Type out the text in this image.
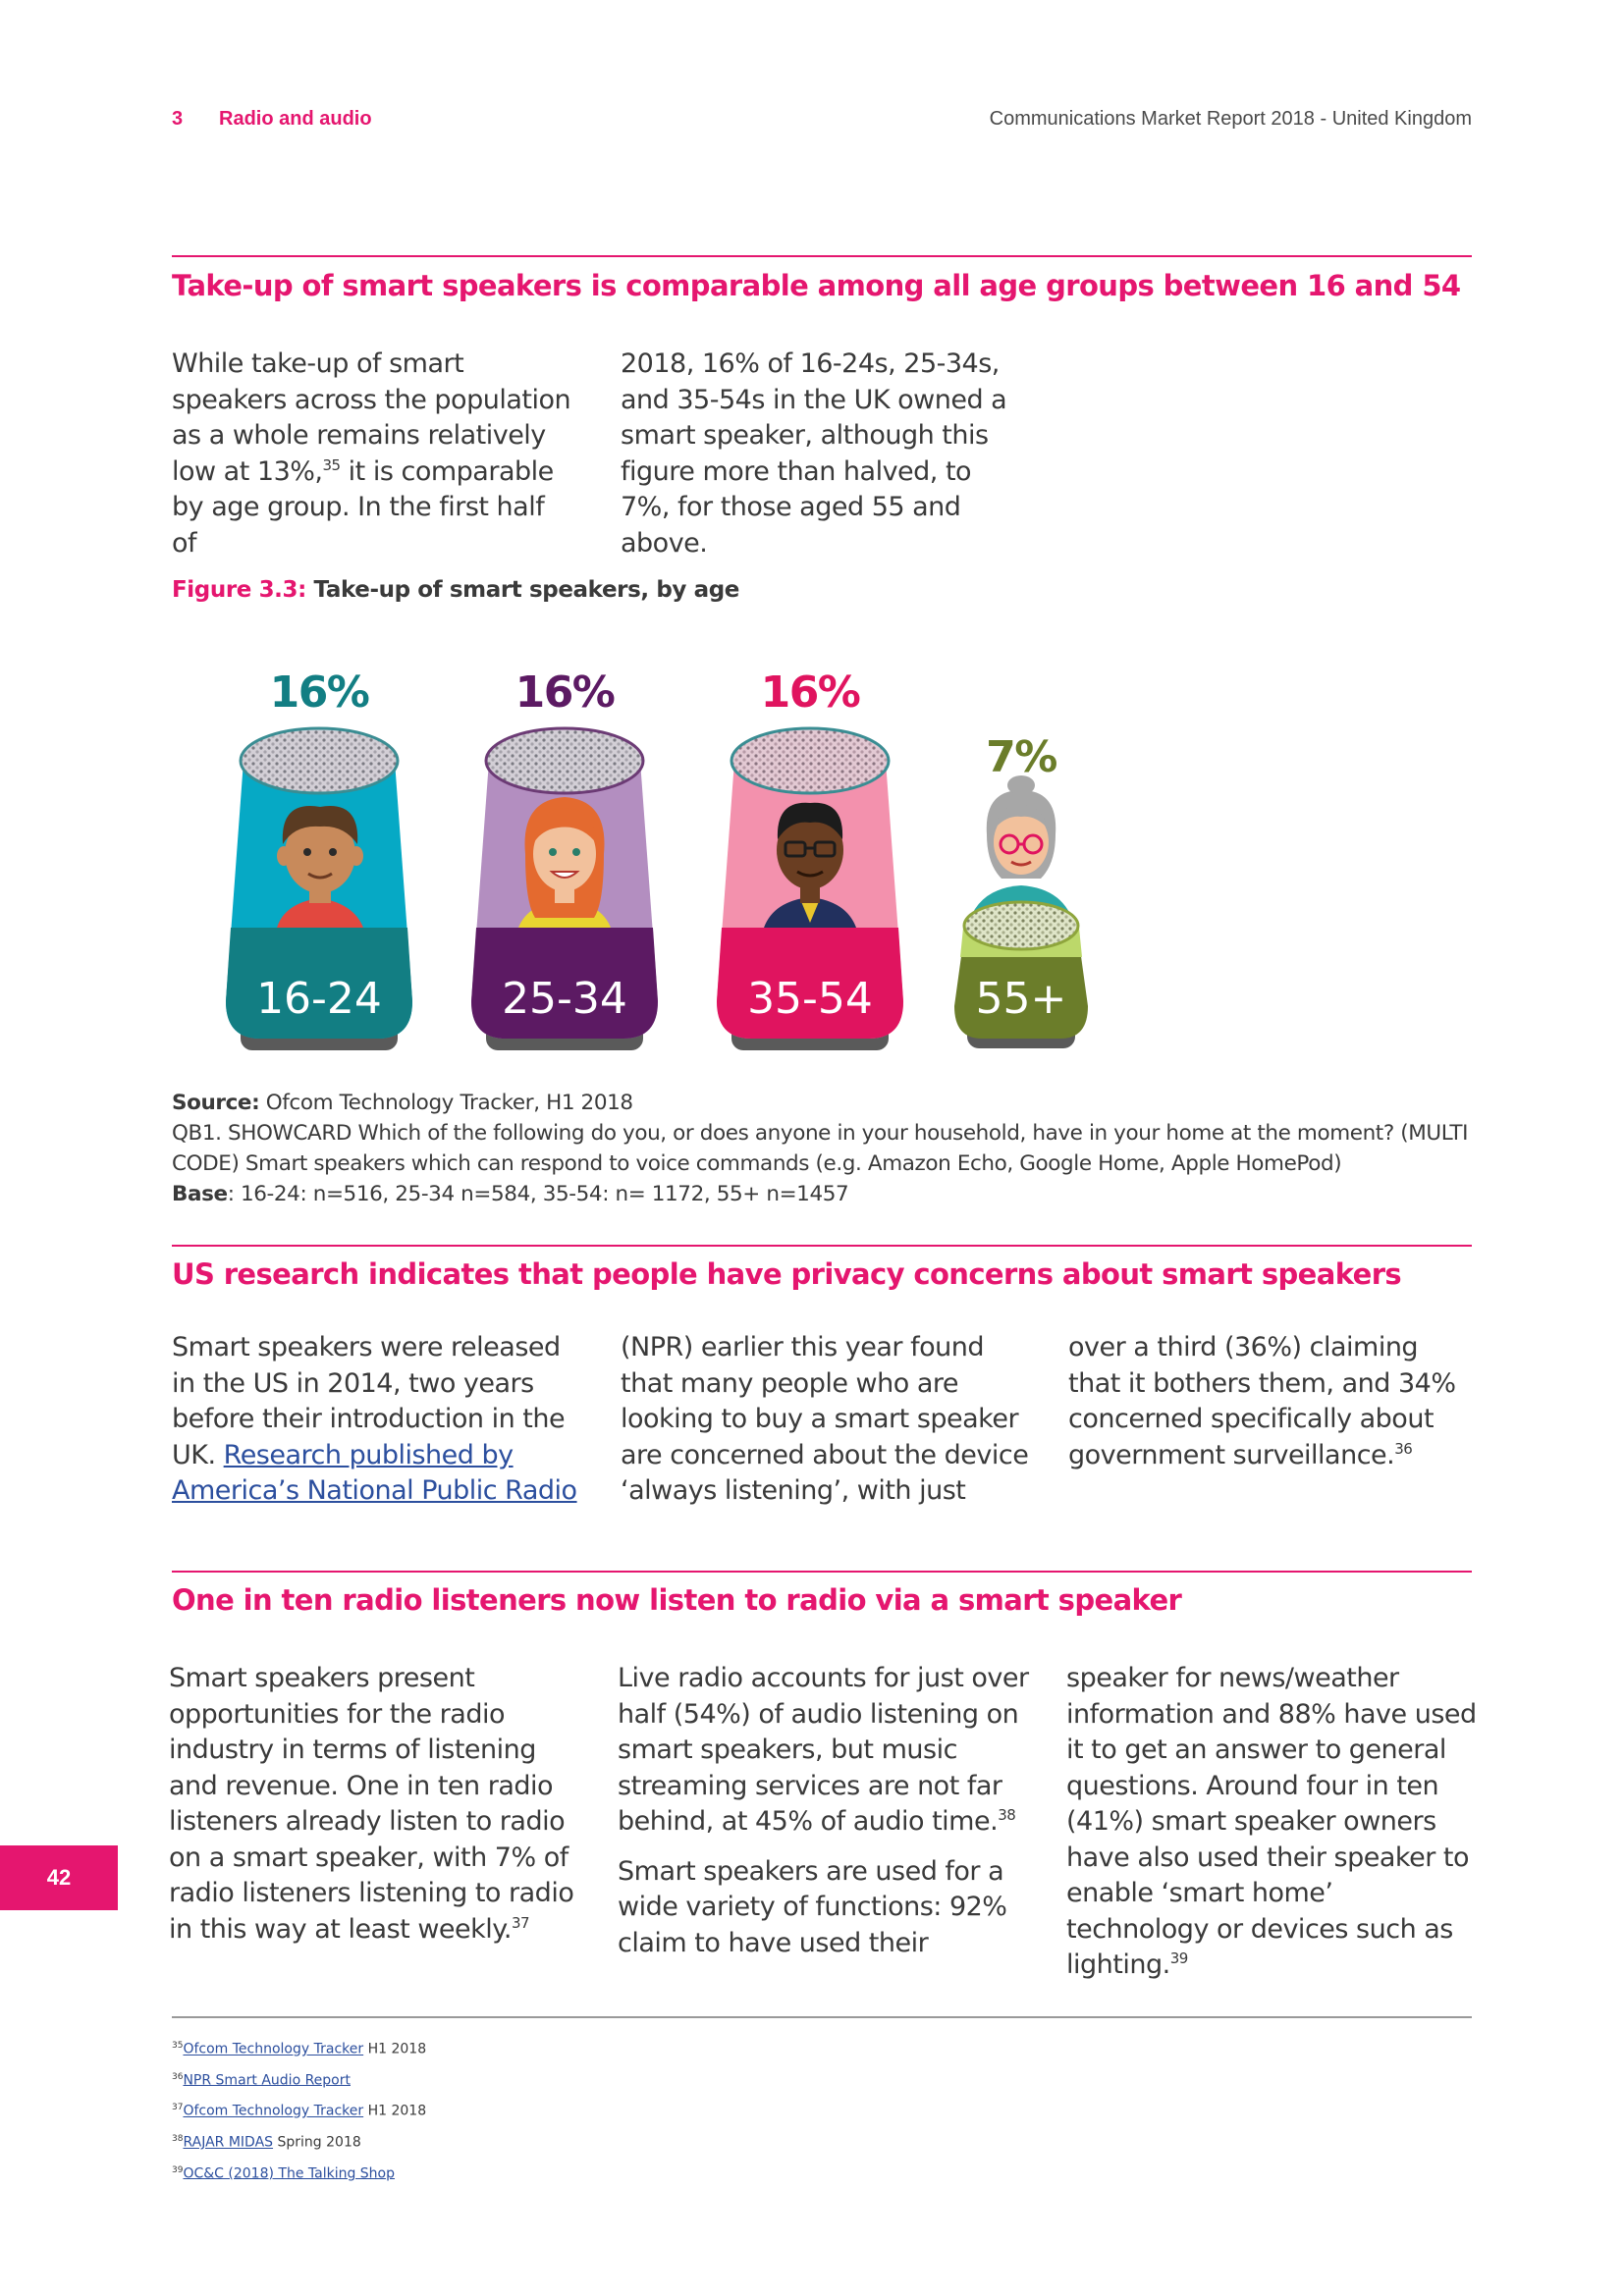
3 Radio and audio	Communications Market Report 2018 - United Kingdom
Take-up of smart speakers is comparable among all age groups between 16 and 54
While take-up of smart speakers across the population as a whole remains relatively low at 13%,$^{35}$ it is comparable by age group. In the first half of
2018, 16% of 16-24s, 25-34s, and 35-54s in the UK owned a smart speaker, although this figure more than halved, to 7%, for those aged 55 and above.
Figure 3.3: Take-up of smart speakers, by age
16%	16%	16%
7%
16-24	25-34	35-54	55+
Source: Ofcom Technology Tracker, H1 2018
QB1. SHOWCARD Which of the following do you, or does anyone in your household, have in your home at the moment? (MULTI CODE) Smart speakers which can respond to voice commands (e.g. Amazon Echo, Google Home, Apple HomePod)
Base: 16-24: n=516, 25-34 n=584, 35-54: n= 1172, 55+ n=1457
US research indicates that people have privacy concerns about smart speakers
Smart speakers were released in the US in 2014, two years before their introduction in the UK. Research published by America’s National Public Radio
(NPR) earlier this year found that many people who are looking to buy a smart speaker are concerned about the device ‘always listening’, with just
over a third (36%) claiming that it bothers them, and 34% concerned specifically about government surveillance.$^{36}$
One in ten radio listeners now listen to radio via a smart speaker
Smart speakers present opportunities for the radio industry in terms of listening and revenue. One in ten radio listeners already listen to radio on a smart speaker, with 7% of radio listeners listening to radio in this way at least weekly.$^{37}$

Live radio accounts for just over half (54%) of audio listening on smart speakers, but music streaming services are not far behind, at 45% of audio time.$^{38}$

Smart speakers are used for a wide variety of functions: 92% claim to have used their

speaker for news/weather information and 88% have used it to get an answer to general questions. Around four in ten (41%) smart speaker owners have also used their speaker to enable ‘smart home’ technology or devices such as lighting.$^{39}$
42
$^{35}$Ofcom Technology Tracker H1 2018
$^{36}$NPR Smart Audio Report
$^{37}$Ofcom Technology Tracker H1 2018
$^{38}$RAJAR MIDAS Spring 2018
$^{39}$OC&C (2018) The Talking Shop
